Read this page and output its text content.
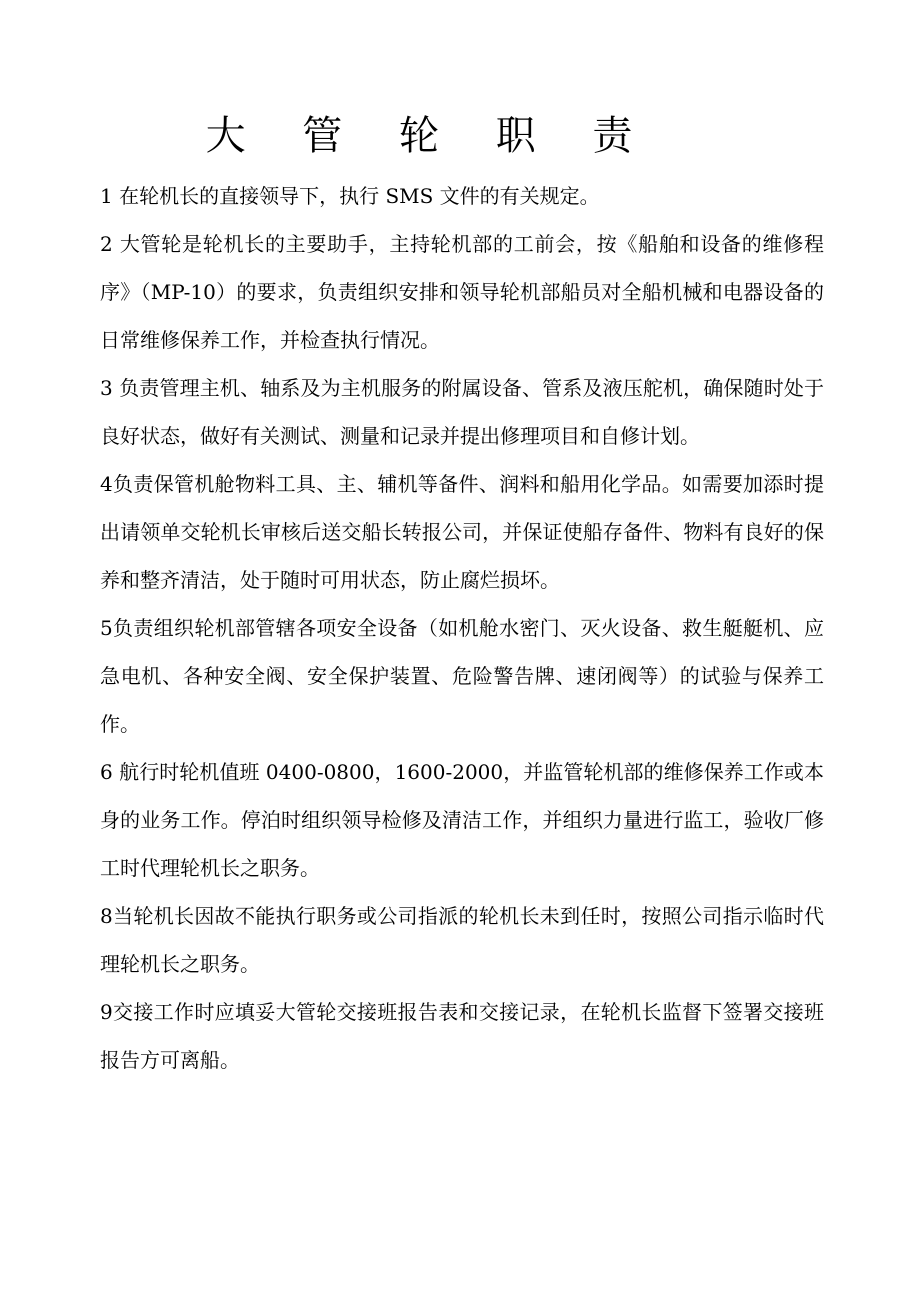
大 管 轮 职 责

1 在轮机长的直接领导下，执行 SMS 文件的有关规定。

2 大管轮是轮机长的主要助手，主持轮机部的工前会，按《船舶和设备的维修程序》（MP-10）的要求，负责组织安排和领导轮机部船员对全船机械和电器设备的日常维修保养工作，并检查执行情况。

3 负责管理主机、轴系及为主机服务的附属设备、管系及液压舵机，确保随时处于良好状态，做好有关测试、测量和记录并提出修理项目和自修计划。

4负责保管机舱物料工具、主、辅机等备件、润料和船用化学品。如需要加添时提出请领单交轮机长审核后送交船长转报公司，并保证使船存备件、物料有良好的保养和整齐清洁，处于随时可用状态，防止腐烂损坏。

5负责组织轮机部管辖各项安全设备（如机舱水密门、灭火设备、救生艇艇机、应急电机、各种安全阀、安全保护装置、危险警告牌、速闭阀等）的试验与保养工作。

6 航行时轮机值班 0400-0800，1600-2000，并监管轮机部的维修保养工作或本身的业务工作。停泊时组织领导检修及清洁工作，并组织力量进行监工，验收厂修工时代理轮机长之职务。

8当轮机长因故不能执行职务或公司指派的轮机长未到任时，按照公司指示临时代理轮机长之职务。

9交接工作时应填妥大管轮交接班报告表和交接记录，在轮机长监督下签署交接班报告方可离船。
